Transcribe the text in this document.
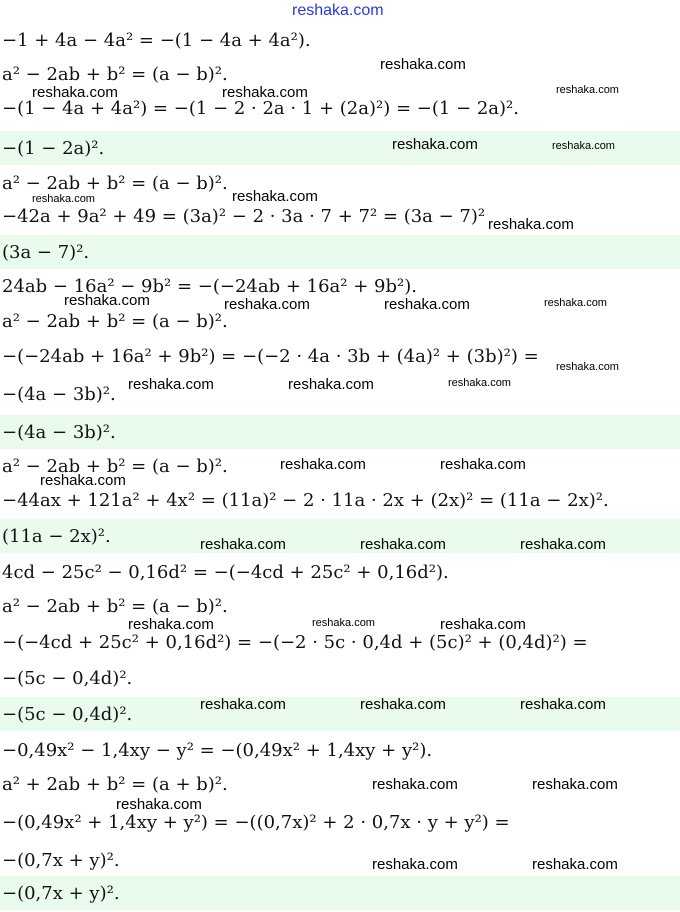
reshaka.com
−1 + 4a − 4a² = −(1 − 4a + 4a²).
a² − 2ab + b² = (a − b)².
−(1 − 4a + 4a²) = −(1 − 2 · 2a · 1 + (2a)²) = −(1 − 2a)².
−(1 − 2a)².
a² − 2ab + b² = (a − b)².
−42a + 9a² + 49 = (3a)² − 2 · 3a · 7 + 7² = (3a − 7)²
(3a − 7)².
24ab − 16a² − 9b² = −(−24ab + 16a² + 9b²).
a² − 2ab + b² = (a − b)².
−(−24ab + 16a² + 9b²) = −(−2 · 4a · 3b + (4a)² + (3b)²) =
−(4a − 3b)².
−(4a − 3b)².
a² − 2ab + b² = (a − b)².
−44ax + 121a² + 4x² = (11a)² − 2 · 11a · 2x + (2x)² = (11a − 2x)².
(11a − 2x)².
4cd − 25c² − 0,16d² = −(−4cd + 25c² + 0,16d²).
a² − 2ab + b² = (a − b)².
−(−4cd + 25c² + 0,16d²) = −(−2 · 5c · 0,4d + (5c)² + (0,4d)²) =
−(5c − 0,4d)².
−(5c − 0,4d)².
−0,49x² − 1,4xy − y² = −(0,49x² + 1,4xy + y²).
a² + 2ab + b² = (a + b)².
−(0,49x² + 1,4xy + y²) = −((0,7x)² + 2 · 0,7x · y + y²) =
−(0,7x + y)².
−(0,7x + y)².
reshaka.com
reshaka.com	reshaka.com	reshaka.com
reshaka.com	reshaka.com
reshaka.com	reshaka.com
reshaka.com
reshaka.com	reshaka.com	reshaka.com	reshaka.com
reshaka.com
reshaka.com	reshaka.com	reshaka.com
reshaka.com	reshaka.com
reshaka.com
reshaka.com	reshaka.com	reshaka.com
reshaka.com
reshaka.com	reshaka.com
reshaka.com	reshaka.com	reshaka.com
reshaka.com	reshaka.com
reshaka.com
reshaka.com	reshaka.com
